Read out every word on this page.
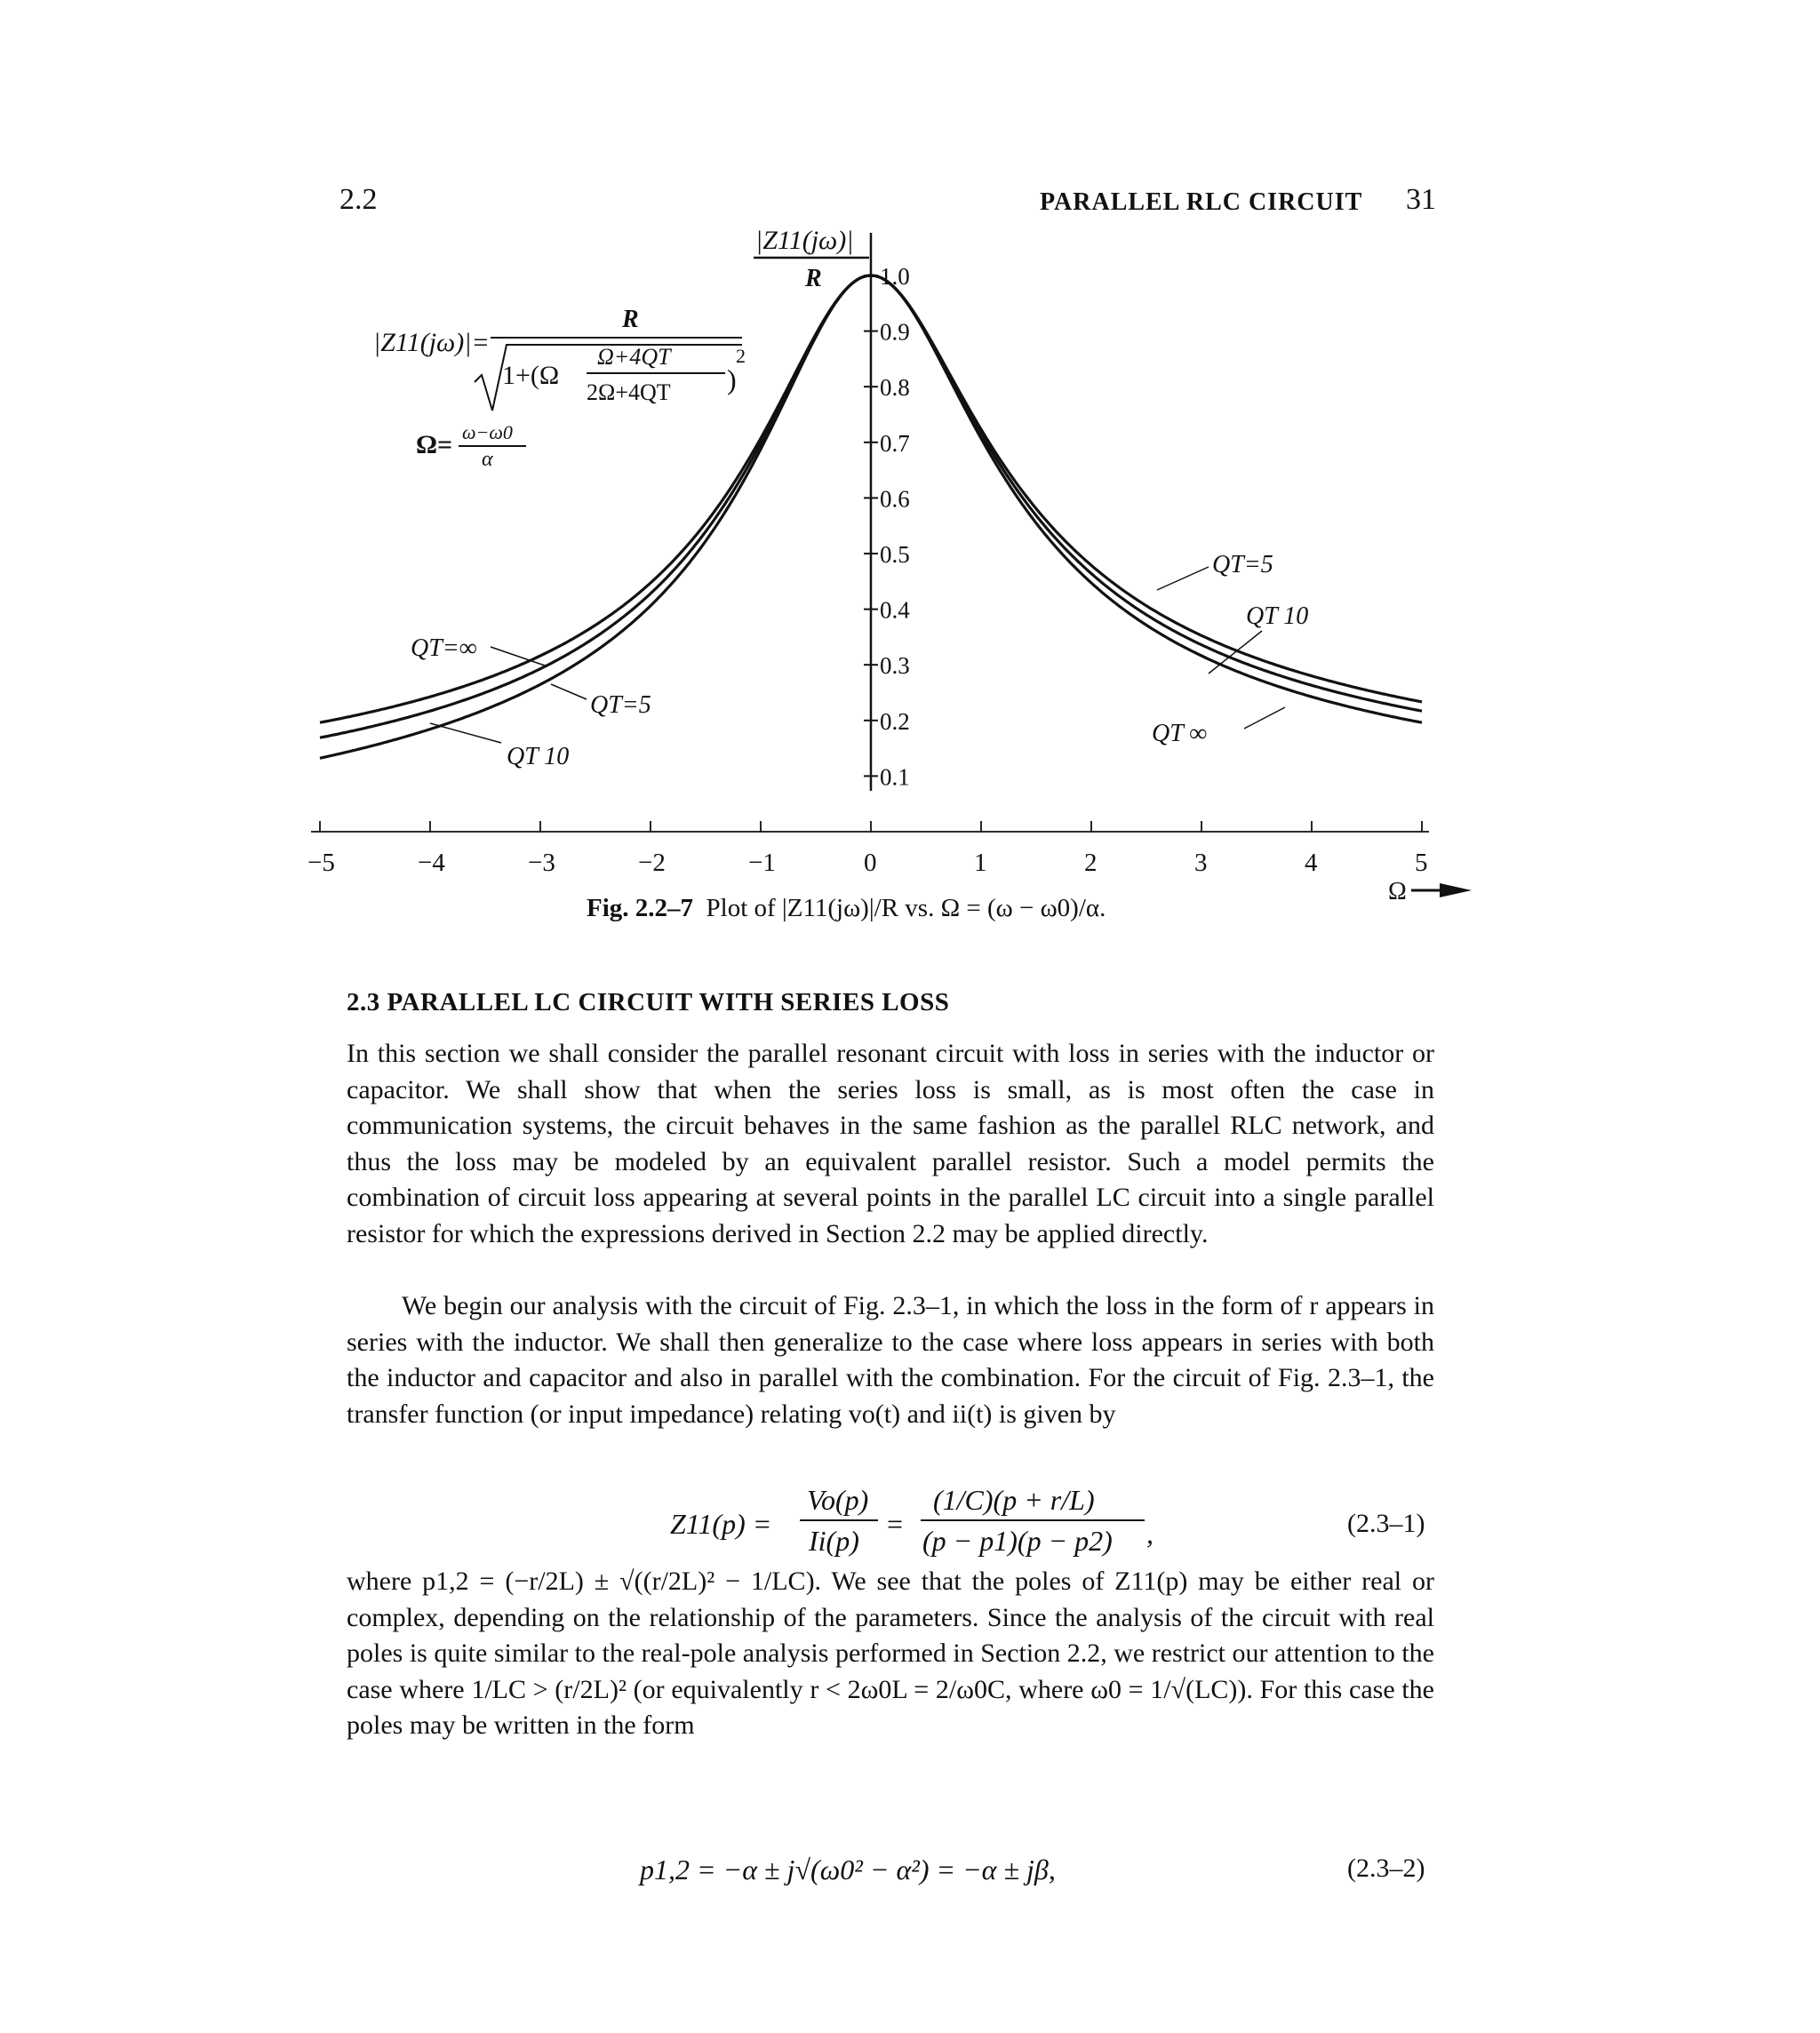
2.2	PARALLEL RLC CIRCUIT 31
|Z11(jω)|
R
|Z11(jω)|=
R
1+(Ω
Ω+4QT
2Ω+4QT )
2
Ω= ω−ω0
α
0.1
0.2
0.3
0.4
0.5
0.6
0.7
0.8
0.9
1.0
−5	−4	−3	−2	−1	0	1	2	3	4	5
Ω
QT=∞
QT=5
QT 10
QT=5
QT 10
QT ∞
Fig. 2.2–7 Plot of |Z11(jω)|/R vs. Ω = (ω − ω0)/α.
2.3 PARALLEL LC CIRCUIT WITH SERIES LOSS
In this section we shall consider the parallel resonant circuit with loss in series with the inductor or capacitor. We shall show that when the series loss is small, as is most often the case in communication systems, the circuit behaves in the same fashion as the parallel RLC network, and thus the loss may be modeled by an equivalent parallel resistor. Such a model permits the combination of circuit loss appearing at several points in the parallel LC circuit into a single parallel resistor for which the expressions derived in Section 2.2 may be applied directly.
We begin our analysis with the circuit of Fig. 2.3–1, in which the loss in the form of r appears in series with the inductor. We shall then generalize to the case where loss appears in series with both the inductor and capacitor and also in parallel with the combination. For the circuit of Fig. 2.3–1, the transfer function (or input impedance) relating vo(t) and ii(t) is given by
Z11(p) =
Vo(p)
Ii(p)
=
(1/C)(p + r/L)
(p − p1)(p − p2) ,	(2.3–1)
where p1,2 = (−r/2L) ± √((r/2L)² − 1/LC). We see that the poles of Z11(p) may be either real or complex, depending on the relationship of the parameters. Since the analysis of the circuit with real poles is quite similar to the real-pole analysis performed in Section 2.2, we restrict our attention to the case where 1/LC > (r/2L)² (or equivalently r < 2ω0L = 2/ω0C, where ω0 = 1/√(LC)). For this case the poles may be written in the form
p1,2 = −α ± j√(ω0² − α²) = −α ± jβ,	(2.3–2)
